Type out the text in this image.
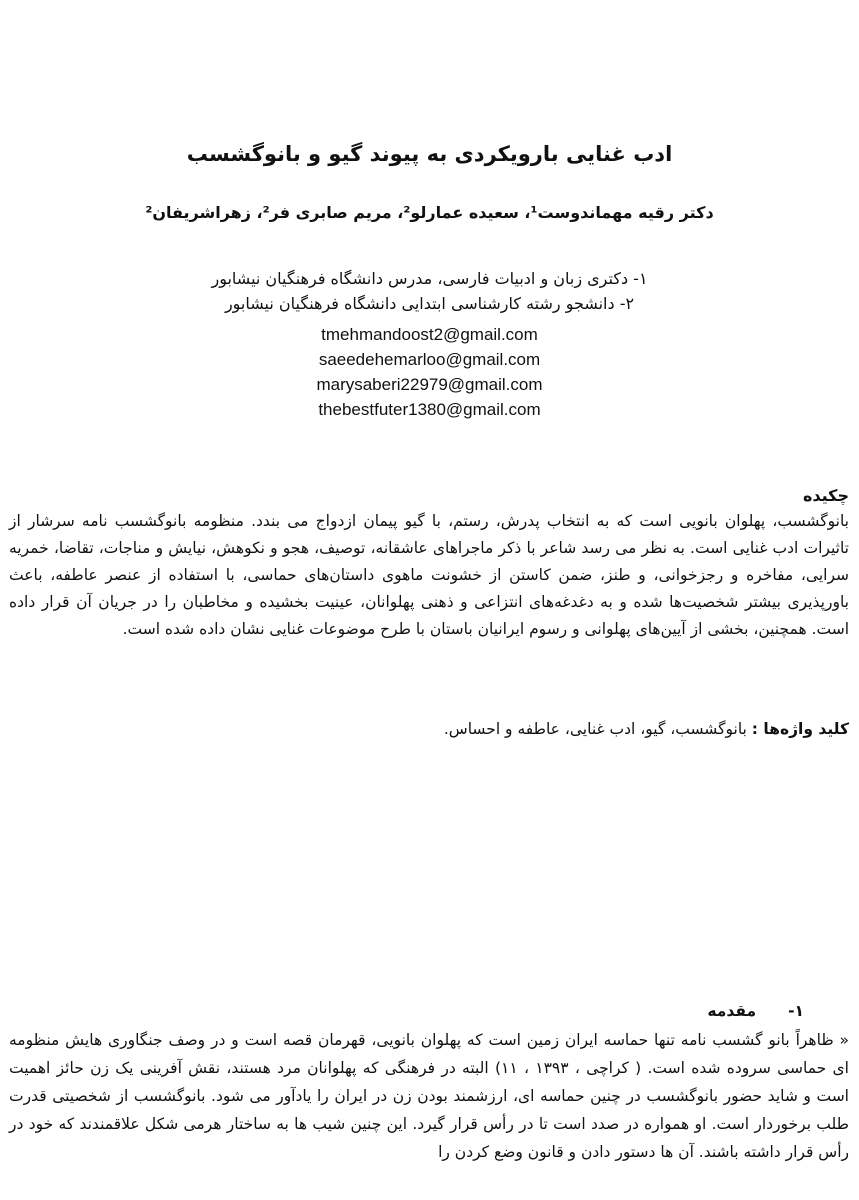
ادب غنایی بارویکردی به پیوند گیو و بانوگشسب
دکتر رقیه مهماندوست¹، سعیده عمارلو²، مریم صابری فر²، زهراشریفان²
۱- دکتری زبان و ادبیات فارسی، مدرس دانشگاه فرهنگیان نیشابور
۲- دانشجو رشته کارشناسی ابتدایی دانشگاه فرهنگیان نیشابور
tmehmandoost2@gmail.com
saeedehemarloo@gmail.com
marysaberi22979@gmail.com
thebestfuter1380@gmail.com
چکیده

بانوگشسب، پهلوان بانویی است که به انتخاب پدرش، رستم، با گیو پیمان ازدواج می بندد. منظومه بانوگشسب نامه سرشار از تاثیرات ادب غنایی است. به نظر می رسد شاعر با ذکر ماجراهای عاشقانه، توصیف، هجو و نکوهش، نیایش و مناجات، تقاضا، خمریه سرایی، مفاخره و رجزخوانی، و طنز، ضمن کاستن از خشونت ماهوی داستان‌های حماسی، با استفاده از عنصر عاطفه، باعث باورپذیری بیشتر شخصیت‌ها شده و به دغدغه‌های انتزاعی و ذهنی پهلوانان، عینیت بخشیده و مخاطبان را در جریان آن قرار داده است. همچنین، بخشی از آیین‌های پهلوانی و رسوم ایرانیان باستان با طرح موضوعات غنایی نشان داده شده است.

کلید واژه‌ها : بانوگشسب، گیو، ادب غنایی، عاطفه و احساس.
۱-مقدمه

« ظاهراً بانو گشسب نامه تنها حماسه ایران زمین است که پهلوان بانویی، قهرمان قصه است و در وصف جنگاوری هایش منظومه ای حماسی سروده شده است. ( کراچی ، ۱۳۹۳ ، ۱۱) البته در فرهنگی که پهلوانان مرد هستند، نقش آفرینی یک زن حائز اهمیت است و شاید حضور بانوگشسب در چنین حماسه ای، ارزشمند بودن زن در ایران را یادآور می شود. بانوگشسب از شخصیتی قدرت طلب برخوردار است. او همواره در صدد است تا در رأس قرار گیرد. این چنین شیب ها به ساختار هرمی شکل علاقمندند که خود در رأس قرار داشته باشند. آن ها دستور دادن و قانون وضع کردن را
